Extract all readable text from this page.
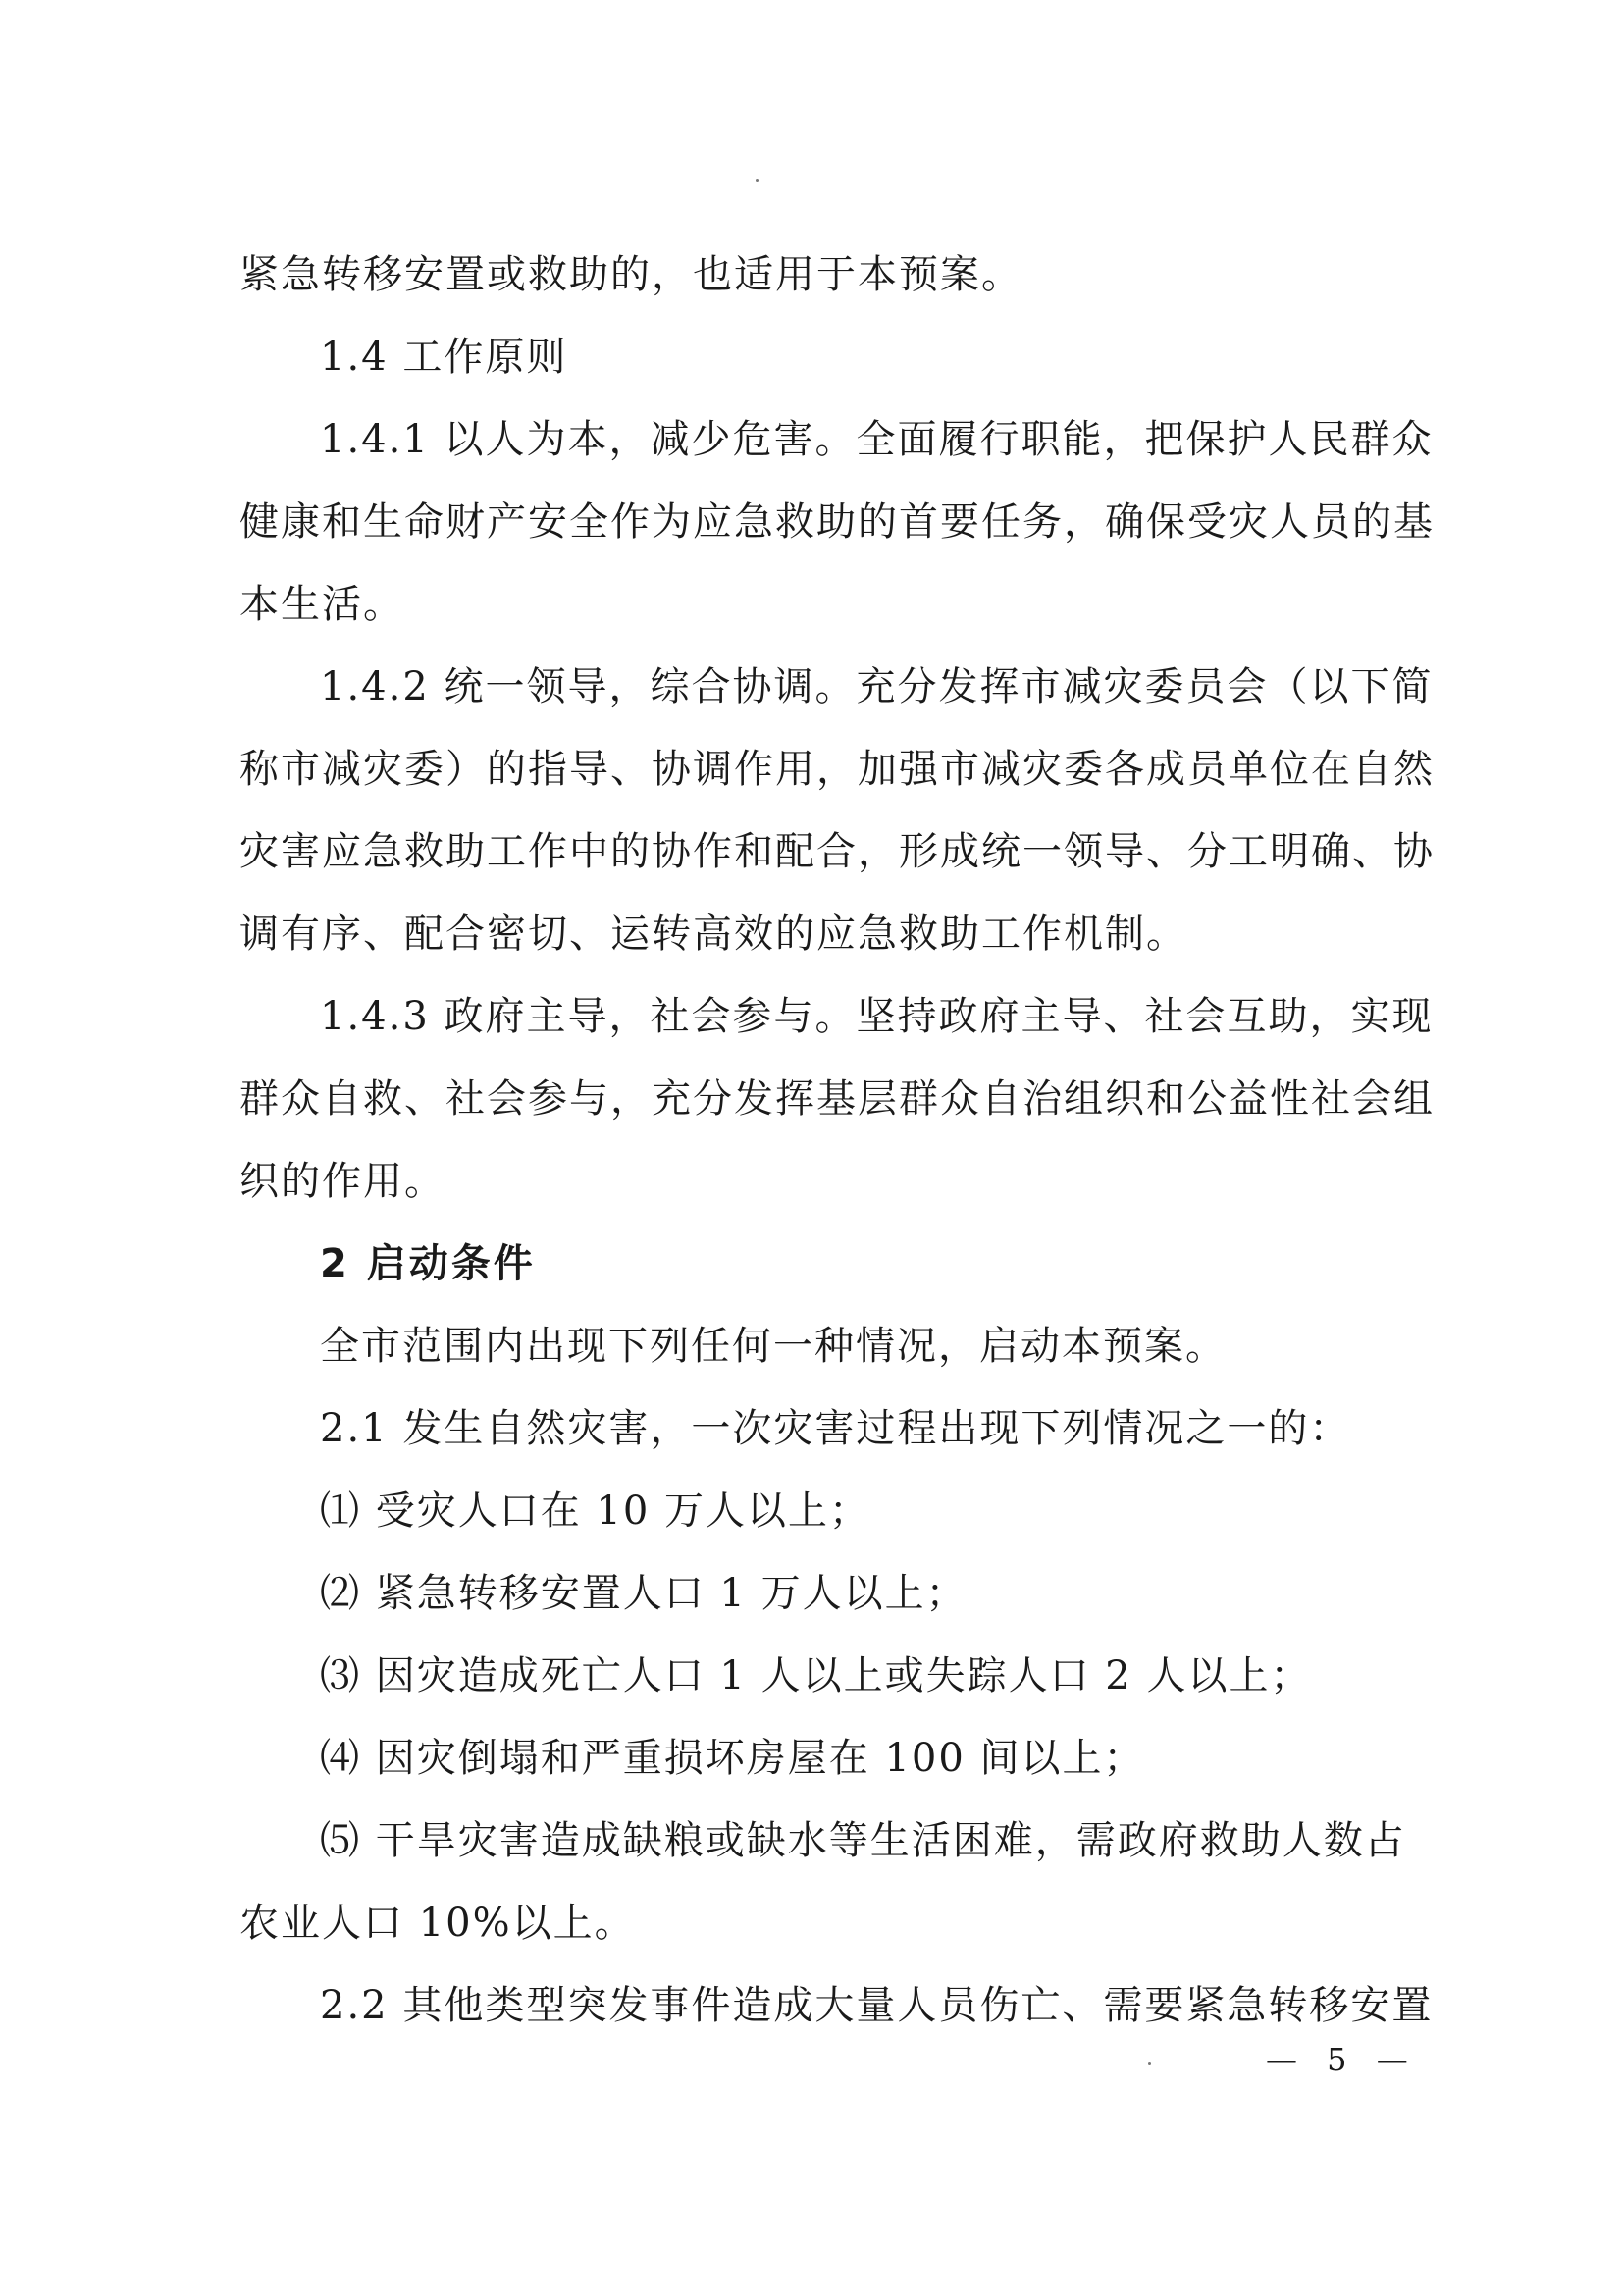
紧急转移安置或救助的，也适用于本预案。
1.4 工作原则
1.4.1 以人为本，减少危害。全面履行职能，把保护人民群众
健康和生命财产安全作为应急救助的首要任务，确保受灾人员的基
本生活。
1.4.2 统一领导，综合协调。充分发挥市减灾委员会（以下简
称市减灾委）的指导、协调作用，加强市减灾委各成员单位在自然
灾害应急救助工作中的协作和配合，形成统一领导、分工明确、协
调有序、配合密切、运转高效的应急救助工作机制。
1.4.3 政府主导，社会参与。坚持政府主导、社会互助，实现
群众自救、社会参与，充分发挥基层群众自治组织和公益性社会组
织的作用。
2 启动条件
全市范围内出现下列任何一种情况，启动本预案。
2.1 发生自然灾害，一次灾害过程出现下列情况之一的：
⑴ 受灾人口在 10 万人以上；
⑵ 紧急转移安置人口 1 万人以上；
⑶ 因灾造成死亡人口 1 人以上或失踪人口 2 人以上；
⑷ 因灾倒塌和严重损坏房屋在 100 间以上；
⑸ 干旱灾害造成缺粮或缺水等生活困难，需政府救助人数占
农业人口 10%以上。
2.2 其他类型突发事件造成大量人员伤亡、需要紧急转移安置
— 5 —
